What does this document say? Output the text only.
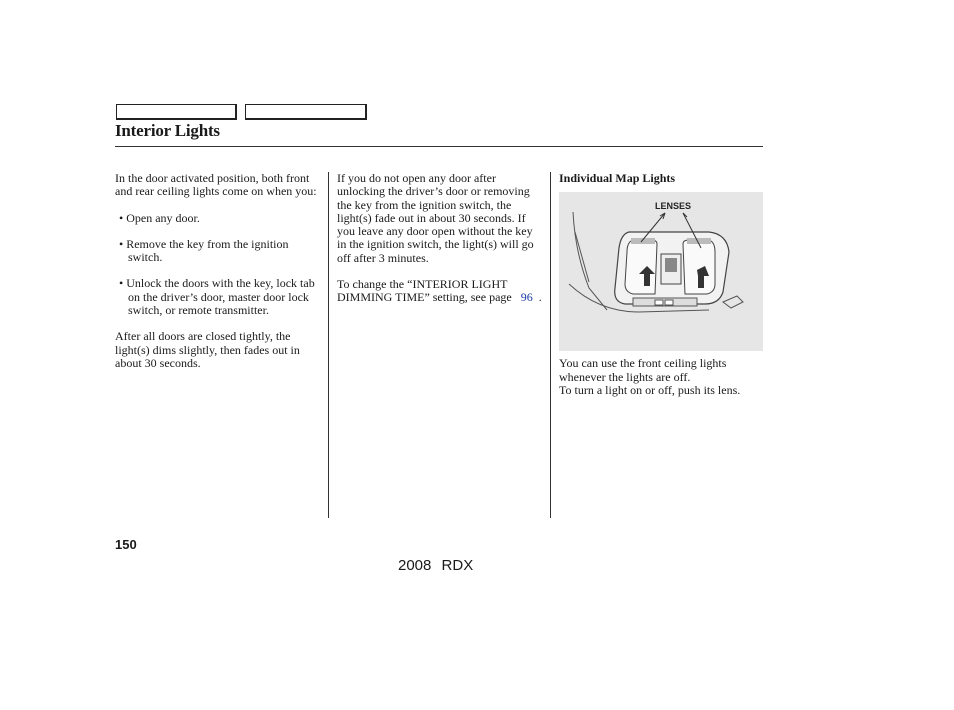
Interior Lights

In the door activated position, both front and rear ceiling lights come on when you:

• Open any door.

• Remove the key from the ignition switch.

• Unlock the doors with the key, lock tab on the driver’s door, master door lock switch, or remote transmitter.

After all doors are closed tightly, the light(s) dims slightly, then fades out in about 30 seconds.

If you do not open any door after unlocking the driver’s door or removing the key from the ignition switch, the light(s) fade out in about 30 seconds. If you leave any door open without the key in the ignition switch, the light(s) will go off after 3 minutes.

To change the “INTERIOR LIGHT DIMMING TIME” setting, see page 96 .

Individual Map Lights

You can use the front ceiling lights whenever the lights are off.

To turn a light on or off, push its lens.

LENSES
150
2008 RDX
